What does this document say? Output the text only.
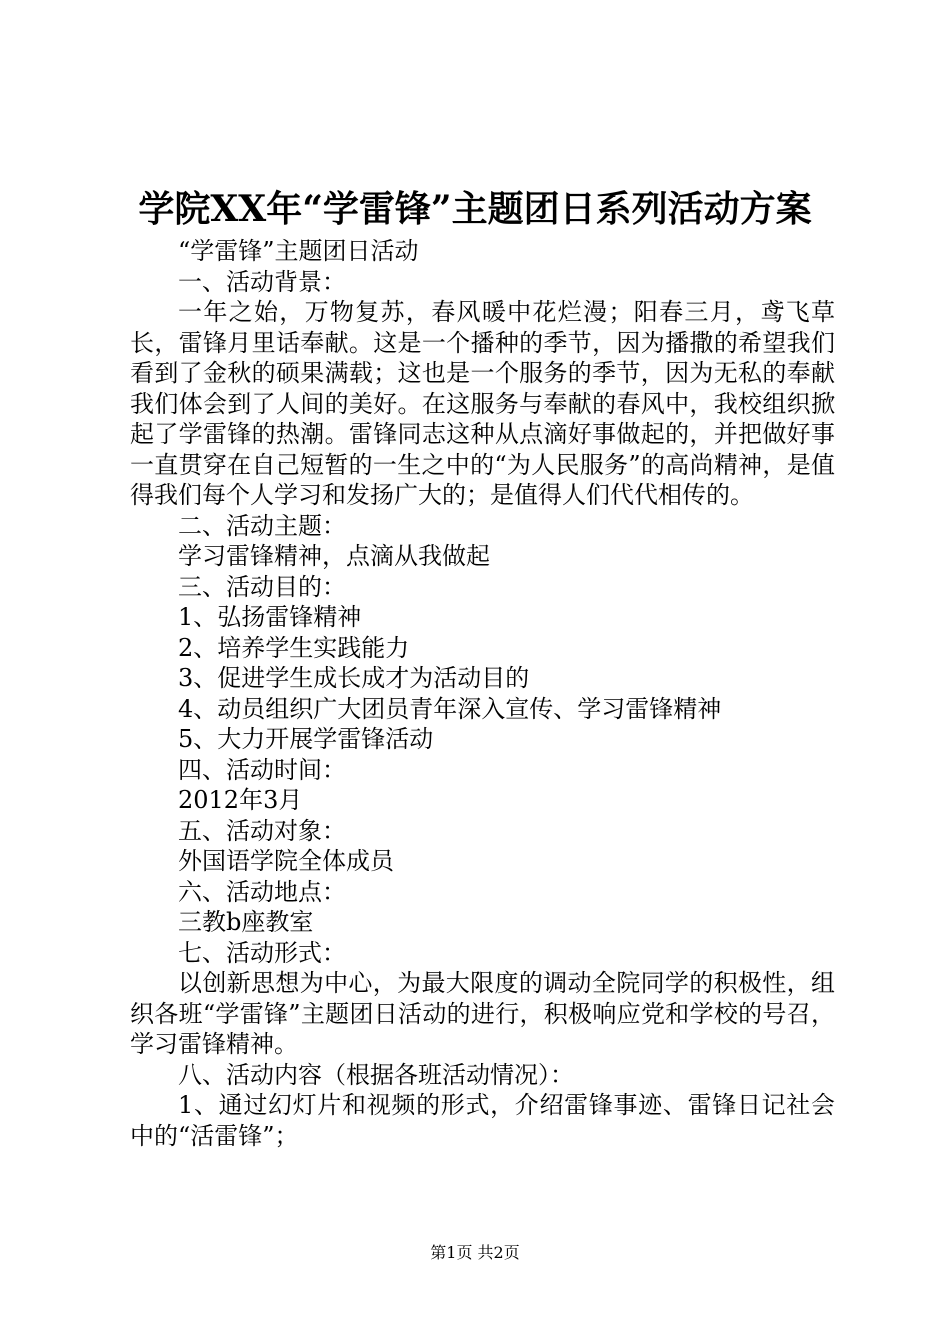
学院XX年“学雷锋”主题团日系列活动方案

“学雷锋”主题团日活动

一、活动背景：

一年之始，万物复苏，春风暖中花烂漫；阳春三月，鸢飞草长，雷锋月里话奉献。这是一个播种的季节，因为播撒的希望我们看到了金秋的硕果满载；这也是一个服务的季节，因为无私的奉献我们体会到了人间的美好。在这服务与奉献的春风中，我校组织掀起了学雷锋的热潮。雷锋同志这种从点滴好事做起的，并把做好事一直贯穿在自己短暂的一生之中的“为人民服务”的高尚精神，是值得我们每个人学习和发扬广大的；是值得人们代代相传的。

二、活动主题：

学习雷锋精神，点滴从我做起

三、活动目的：

1、弘扬雷锋精神

2、培养学生实践能力

3、促进学生成长成才为活动目的

4、动员组织广大团员青年深入宣传、学习雷锋精神

5、大力开展学雷锋活动

四、活动时间：

2012年3月

五、活动对象：

外国语学院全体成员

六、活动地点：

三教b座教室

七、活动形式：

以创新思想为中心，为最大限度的调动全院同学的积极性，组织各班“学雷锋”主题团日活动的进行，积极响应党和学校的号召，学习雷锋精神。

八、活动内容（根据各班活动情况）：

1、通过幻灯片和视频的形式，介绍雷锋事迹、雷锋日记社会中的“活雷锋”；

第1页 共2页
